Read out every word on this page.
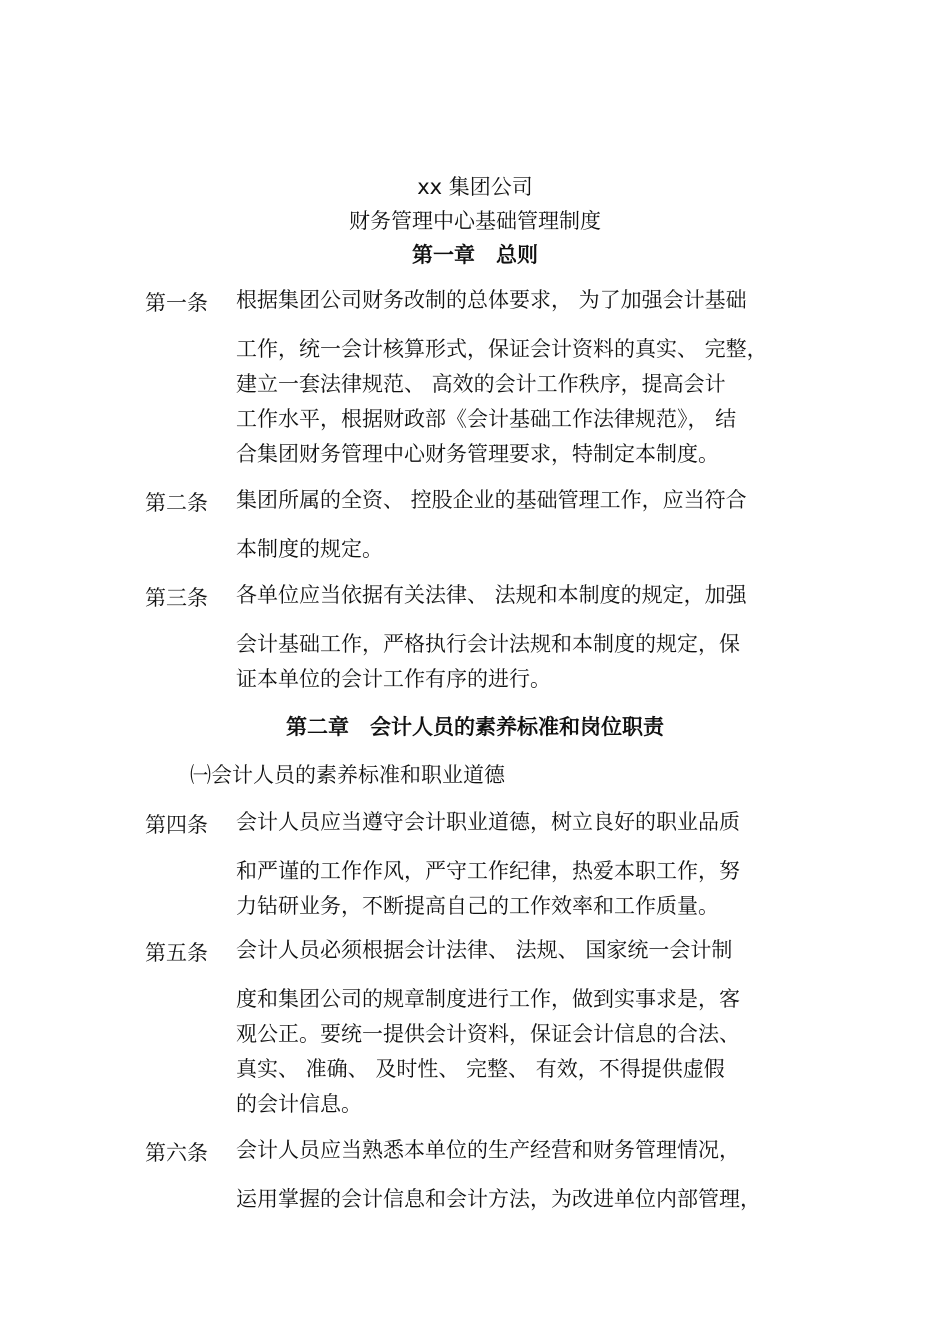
xx 集团公司
财务管理中心基础管理制度
第一章　总则
第一条 根据集团公司财务改制的总体要求， 为了加强会计基础
工作，统一会计核算形式，保证会计资料的真实、 完整，
建立一套法律规范、 高效的会计工作秩序，提高会计
工作水平，根据财政部《会计基础工作法律规范》， 结
合集团财务管理中心财务管理要求，特制定本制度。
第二条 集团所属的全资、 控股企业的基础管理工作，应当符合
本制度的规定。
第三条 各单位应当依据有关法律、 法规和本制度的规定，加强
会计基础工作，严格执行会计法规和本制度的规定，保
证本单位的会计工作有序的进行。
第二章　会计人员的素养标准和岗位职责
㈠会计人员的素养标准和职业道德
第四条 会计人员应当遵守会计职业道德，树立良好的职业品质
和严谨的工作作风，严守工作纪律，热爱本职工作，努
力钻研业务，不断提高自己的工作效率和工作质量。
第五条 会计人员必须根据会计法律、 法规、 国家统一会计制
度和集团公司的规章制度进行工作，做到实事求是，客
观公正。要统一提供会计资料，保证会计信息的合法、
真实、 准确、 及时性、 完整、 有效，不得提供虚假
的会计信息。
第六条 会计人员应当熟悉本单位的生产经营和财务管理情况，
运用掌握的会计信息和会计方法，为改进单位内部管理，
